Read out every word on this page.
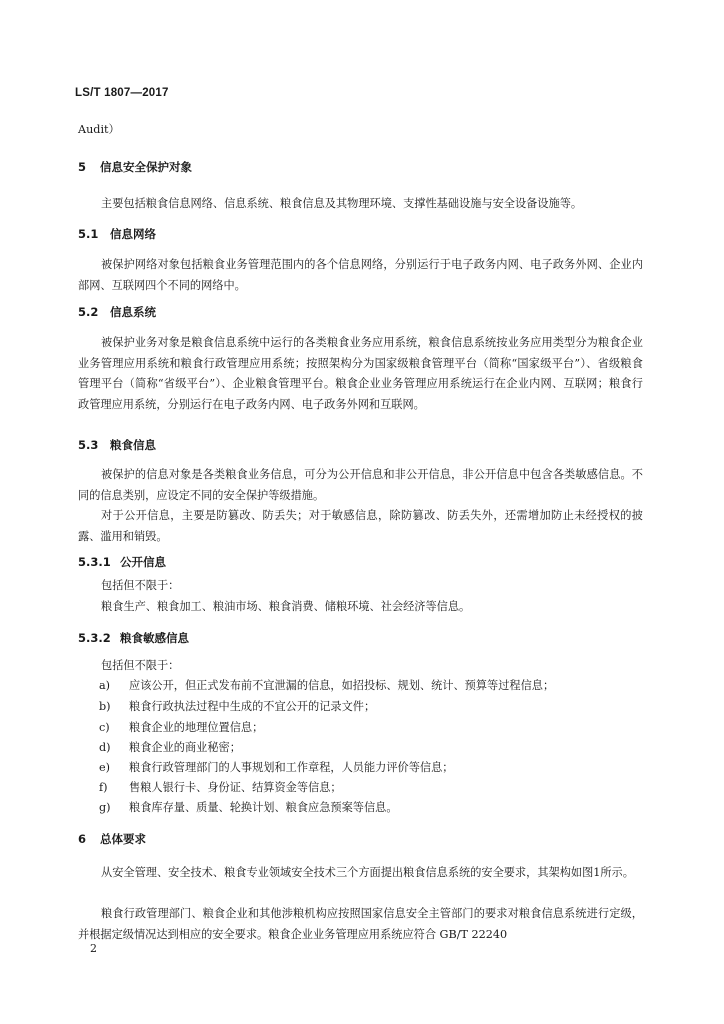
LS/T 1807—2017
Audit）
5 信息安全保护对象
主要包括粮食信息网络、信息系统、粮食信息及其物理环境、支撑性基础设施与安全设备设施等。
5.1 信息网络
被保护网络对象包括粮食业务管理范围内的各个信息网络，分别运行于电子政务内网、电子政务外网、企业内部网、互联网四个不同的网络中。
5.2 信息系统
被保护业务对象是粮食信息系统中运行的各类粮食业务应用系统，粮食信息系统按业务应用类型分为粮食企业业务管理应用系统和粮食行政管理应用系统；按照架构分为国家级粮食管理平台（简称“国家级平台”）、省级粮食管理平台（简称“省级平台”）、企业粮食管理平台。粮食企业业务管理应用系统运行在企业内网、互联网；粮食行政管理应用系统，分别运行在电子政务内网、电子政务外网和互联网。
5.3 粮食信息
被保护的信息对象是各类粮食业务信息，可分为公开信息和非公开信息，非公开信息中包含各类敏感信息。不同的信息类别，应设定不同的安全保护等级措施。
对于公开信息，主要是防篡改、防丢失；对于敏感信息，除防篡改、防丢失外，还需增加防止未经授权的披露、滥用和销毁。
5.3.1 公开信息
包括但不限于：
粮食生产、粮食加工、粮油市场、粮食消费、储粮环境、社会经济等信息。
5.3.2 粮食敏感信息
包括但不限于：
a) 应该公开，但正式发布前不宜泄漏的信息，如招投标、规划、统计、预算等过程信息；
b) 粮食行政执法过程中生成的不宜公开的记录文件；
c) 粮食企业的地理位置信息；
d) 粮食企业的商业秘密；
e) 粮食行政管理部门的人事规划和工作章程，人员能力评价等信息；
f) 售粮人银行卡、身份证、结算资金等信息；
g) 粮食库存量、质量、轮换计划、粮食应急预案等信息。
6 总体要求
从安全管理、安全技术、粮食专业领域安全技术三个方面提出粮食信息系统的安全要求，其架构如图1所示。
粮食行政管理部门、粮食企业和其他涉粮机构应按照国家信息安全主管部门的要求对粮食信息系统进行定级，并根据定级情况达到相应的安全要求。粮食企业业务管理应用系统应符合 GB/T 22240
2
